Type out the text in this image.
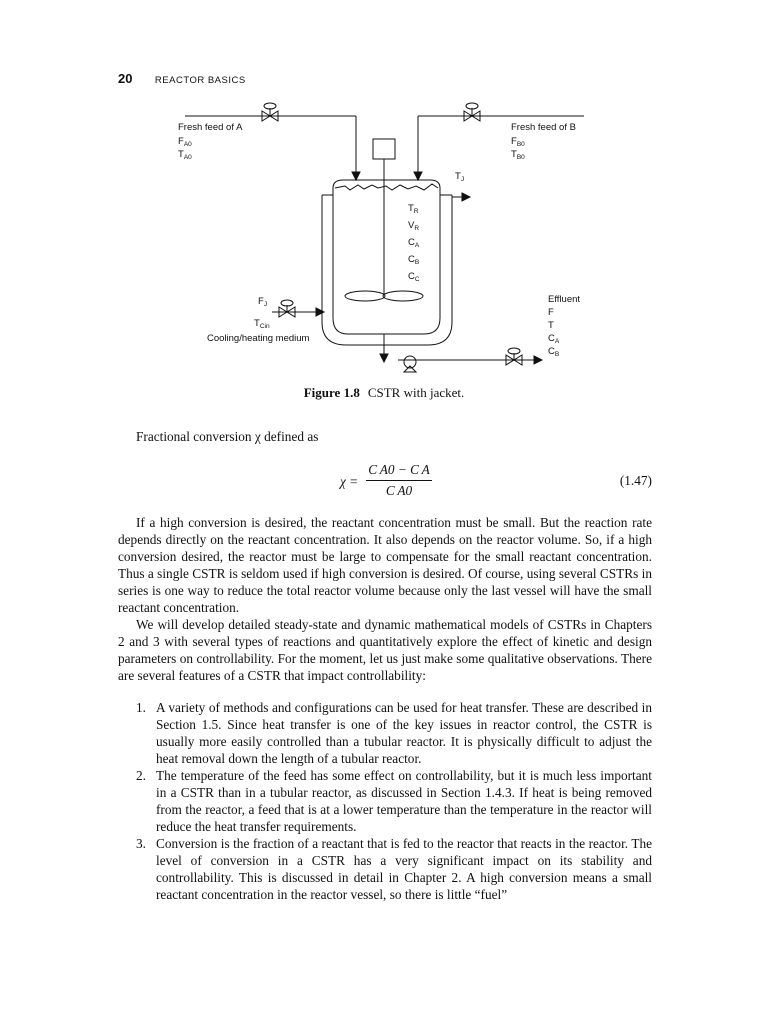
20 REACTOR BASICS
Fresh feed of A
$F_{A0}$
$T_{A0}$
Fresh feed of B
$F_{B0}$
$T_{B0}$
$T_J$
$T_R$
$V_R$
$C_A$
$C_B$
$C_C$
$F_J$
$T_{Cin}$
Cooling/heating medium
Effluent
F
T
$C_A$
$C_B$
Figure 1.8 CSTR with jacket.
Fractional conversion χ defined as
$\chi = \frac{\text{C A0 − C A}}{\text{C A0}}$	(1.47)

If a high conversion is desired, the reactant concentration must be small. But the reaction rate depends directly on the reactant concentration. It also depends on the reactor volume. So, if a high conversion desired, the reactor must be large to compensate for the small reactant concentration. Thus a single CSTR is seldom used if high conversion is desired. Of course, using several CSTRs in series is one way to reduce the total reactor volume because only the last vessel will have the small reactant concentration.

We will develop detailed steady-state and dynamic mathematical models of CSTRs in Chapters 2 and 3 with several types of reactions and quantitatively explore the effect of kinetic and design parameters on controllability. For the moment, let us just make some qualitative observations. There are several features of a CSTR that impact controllability:

1. A variety of methods and configurations can be used for heat transfer. These are described in Section 1.5. Since heat transfer is one of the key issues in reactor control, the CSTR is usually more easily controlled than a tubular reactor. It is physically difficult to adjust the heat removal down the length of a tubular reactor.
2. The temperature of the feed has some effect on controllability, but it is much less important in a CSTR than in a tubular reactor, as discussed in Section 1.4.3. If heat is being removed from the reactor, a feed that is at a lower temperature than the temperature in the reactor will reduce the heat transfer requirements.
3. Conversion is the fraction of a reactant that is fed to the reactor that reacts in the reactor. The level of conversion in a CSTR has a very significant impact on its stability and controllability. This is discussed in detail in Chapter 2. A high conversion means a small reactant concentration in the reactor vessel, so there is little “fuel”
